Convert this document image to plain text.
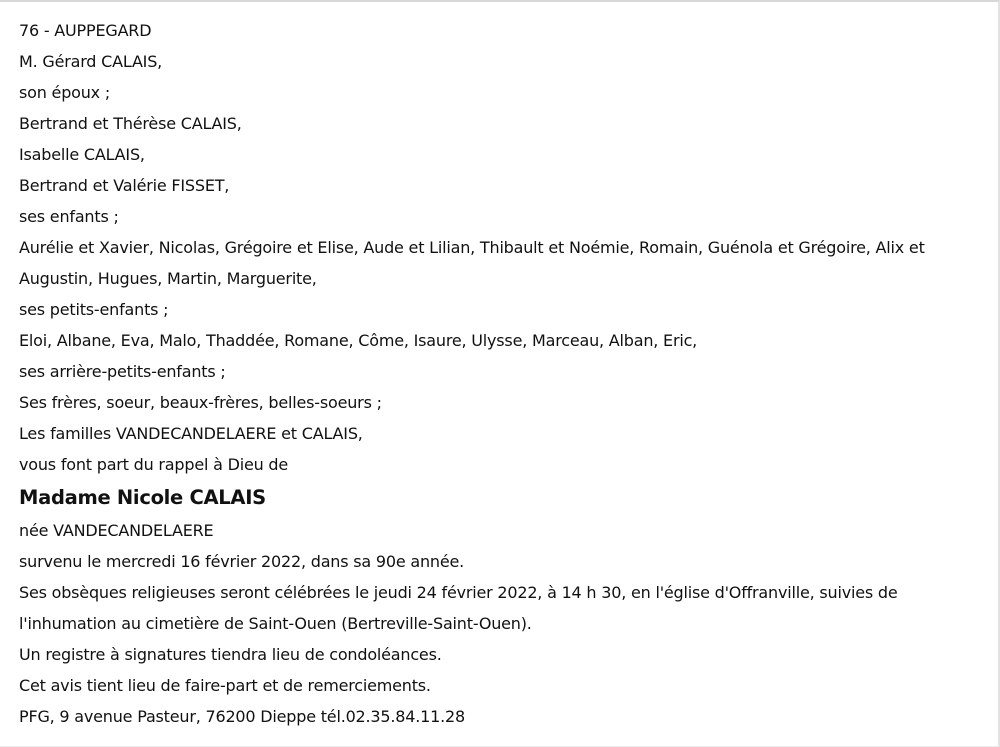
76 - AUPPEGARD
M. Gérard CALAIS,
son époux ;
Bertrand et Thérèse CALAIS,
Isabelle CALAIS,
Bertrand et Valérie FISSET,
ses enfants ;
Aurélie et Xavier, Nicolas, Grégoire et Elise, Aude et Lilian, Thibault et Noémie, Romain, Guénola et Grégoire, Alix et Augustin, Hugues, Martin, Marguerite,
ses petits-enfants ;
Eloi, Albane, Eva, Malo, Thaddée, Romane, Côme, Isaure, Ulysse, Marceau, Alban, Eric,
ses arrière-petits-enfants ;
Ses frères, soeur, beaux-frères, belles-soeurs ;
Les familles VANDECANDELAERE et CALAIS,
vous font part du rappel à Dieu de
Madame Nicole CALAIS
née VANDECANDELAERE
survenu le mercredi 16 février 2022, dans sa 90e année.
Ses obsèques religieuses seront célébrées le jeudi 24 février 2022, à 14 h 30, en l'église d'Offranville, suivies de l'inhumation au cimetière de Saint-Ouen (Bertreville-Saint-Ouen).
Un registre à signatures tiendra lieu de condoléances.
Cet avis tient lieu de faire-part et de remerciements.
PFG, 9 avenue Pasteur, 76200 Dieppe tél.02.35.84.11.28
